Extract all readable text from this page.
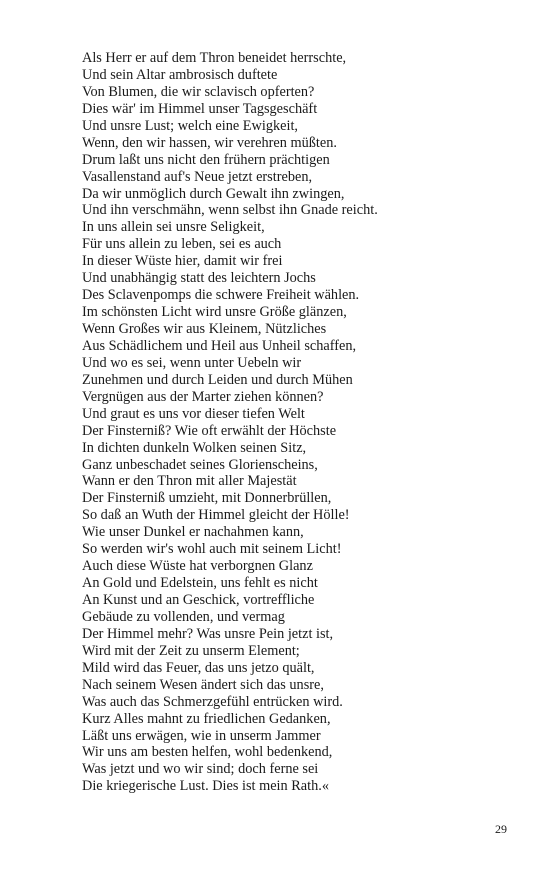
Als Herr er auf dem Thron beneidet herrschte,
Und sein Altar ambrosisch duftete
Von Blumen, die wir sclavisch opferten?
Dies wär' im Himmel unser Tagsgeschäft
Und unsre Lust; welch eine Ewigkeit,
Wenn, den wir hassen, wir verehren müßten.
Drum laßt uns nicht den frühern prächtigen
Vasallenstand auf's Neue jetzt erstreben,
Da wir unmöglich durch Gewalt ihn zwingen,
Und ihn verschmähn, wenn selbst ihn Gnade reicht.
In uns allein sei unsre Seligkeit,
Für uns allein zu leben, sei es auch
In dieser Wüste hier, damit wir frei
Und unabhängig statt des leichtern Jochs
Des Sclavenpomps die schwere Freiheit wählen.
Im schönsten Licht wird unsre Größe glänzen,
Wenn Großes wir aus Kleinem, Nützliches
Aus Schädlichem und Heil aus Unheil schaffen,
Und wo es sei, wenn unter Uebeln wir
Zunehmen und durch Leiden und durch Mühen
Vergnügen aus der Marter ziehen können?
Und graut es uns vor dieser tiefen Welt
Der Finsterniß? Wie oft erwählt der Höchste
In dichten dunkeln Wolken seinen Sitz,
Ganz unbeschadet seines Glorienscheins,
Wann er den Thron mit aller Majestät
Der Finsterniß umzieht, mit Donnerbrüllen,
So daß an Wuth der Himmel gleicht der Hölle!
Wie unser Dunkel er nachahmen kann,
So werden wir's wohl auch mit seinem Licht!
Auch diese Wüste hat verborgnen Glanz
An Gold und Edelstein, uns fehlt es nicht
An Kunst und an Geschick, vortreffliche
Gebäude zu vollenden, und vermag
Der Himmel mehr? Was unsre Pein jetzt ist,
Wird mit der Zeit zu unserm Element;
Mild wird das Feuer, das uns jetzo quält,
Nach seinem Wesen ändert sich das unsre,
Was auch das Schmerzgefühl entrücken wird.
Kurz Alles mahnt zu friedlichen Gedanken,
Läßt uns erwägen, wie in unserm Jammer
Wir uns am besten helfen, wohl bedenkend,
Was jetzt und wo wir sind; doch ferne sei
Die kriegerische Lust. Dies ist mein Rath.«
29
